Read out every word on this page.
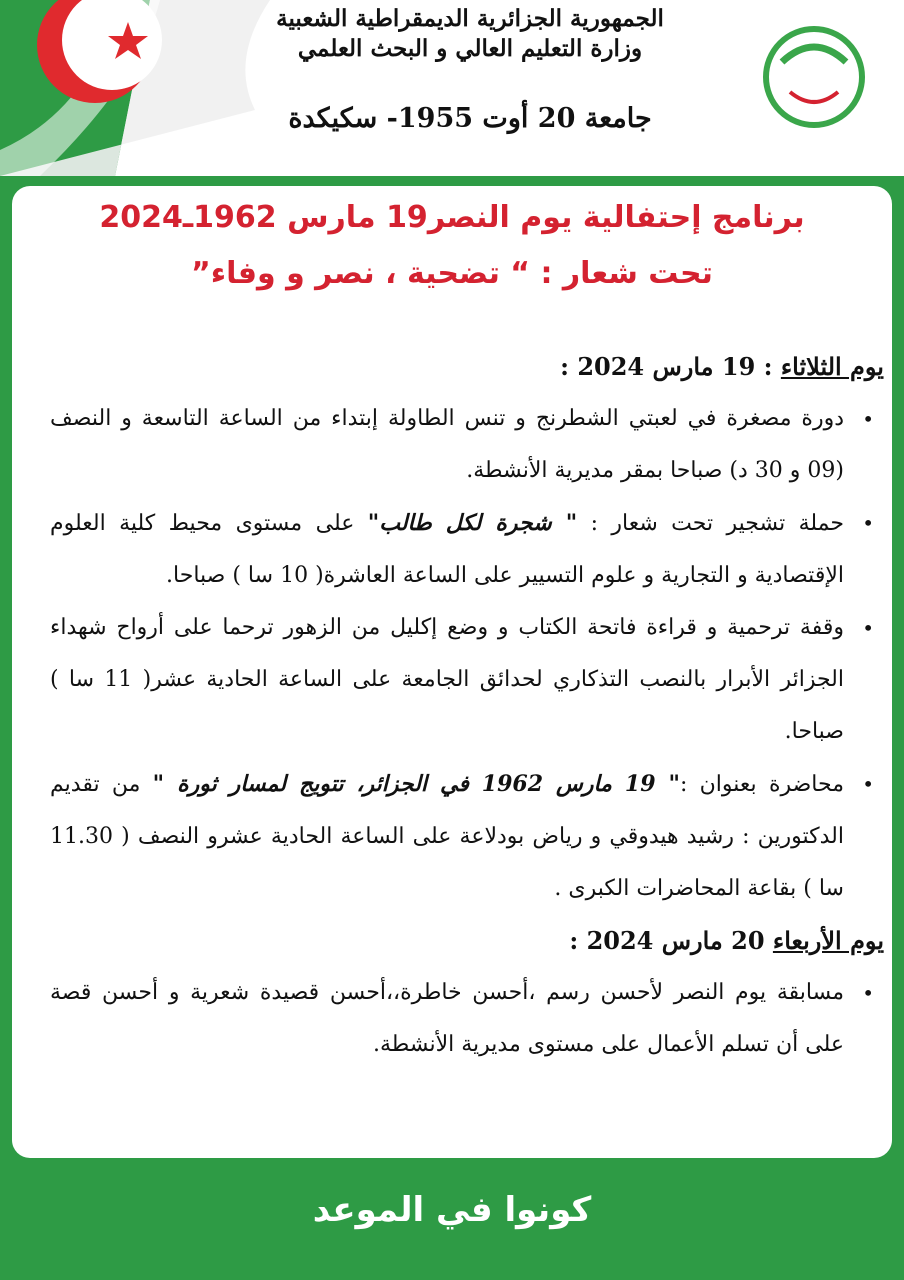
الجمهورية الجزائرية الديمقراطية الشعبية
وزارة التعليم العالي و البحث العلمي
جامعة 20 أوت 1955- سكيكدة
برنامج إحتفالية يوم النصر19 مارس 1962ـ2024
تحت شعار : “ تضحية ، نصر و وفاء”
يوم الثلاثاء : 19 مارس 2024 :
• دورة مصغرة في لعبتي الشطرنج و تنس الطاولة إبتداء من الساعة التاسعة و النصف (09 و 30 د) صباحا بمقر مديرية الأنشطة.
• حملة تشجير تحت شعار : " شجرة لكل طالب" على مستوى محيط كلية العلوم الإقتصادية و التجارية و علوم التسيير على الساعة العاشرة( 10 سا ) صباحا.
• وقفة ترحمية و قراءة فاتحة الكتاب و وضع إكليل من الزهور ترحما على أرواح شهداء الجزائر الأبرار بالنصب التذكاري لحدائق الجامعة على الساعة الحادية عشر( 11 سا ) صباحا.
• محاضرة بعنوان :" 19 مارس 1962 في الجزائر، تتويج لمسار ثورة " من تقديم الدكتورين : رشيد هيدوقي و رياض بودلاعة على الساعة الحادية عشرو النصف ( 11.30 سا ) بقاعة المحاضرات الكبرى .
يوم الأربعاء 20 مارس 2024 :
• مسابقة يوم النصر لأحسن رسم ،أحسن خاطرة،،أحسن قصيدة شعرية و أحسن قصة على أن تسلم الأعمال على مستوى مديرية الأنشطة.
كونوا في الموعد
